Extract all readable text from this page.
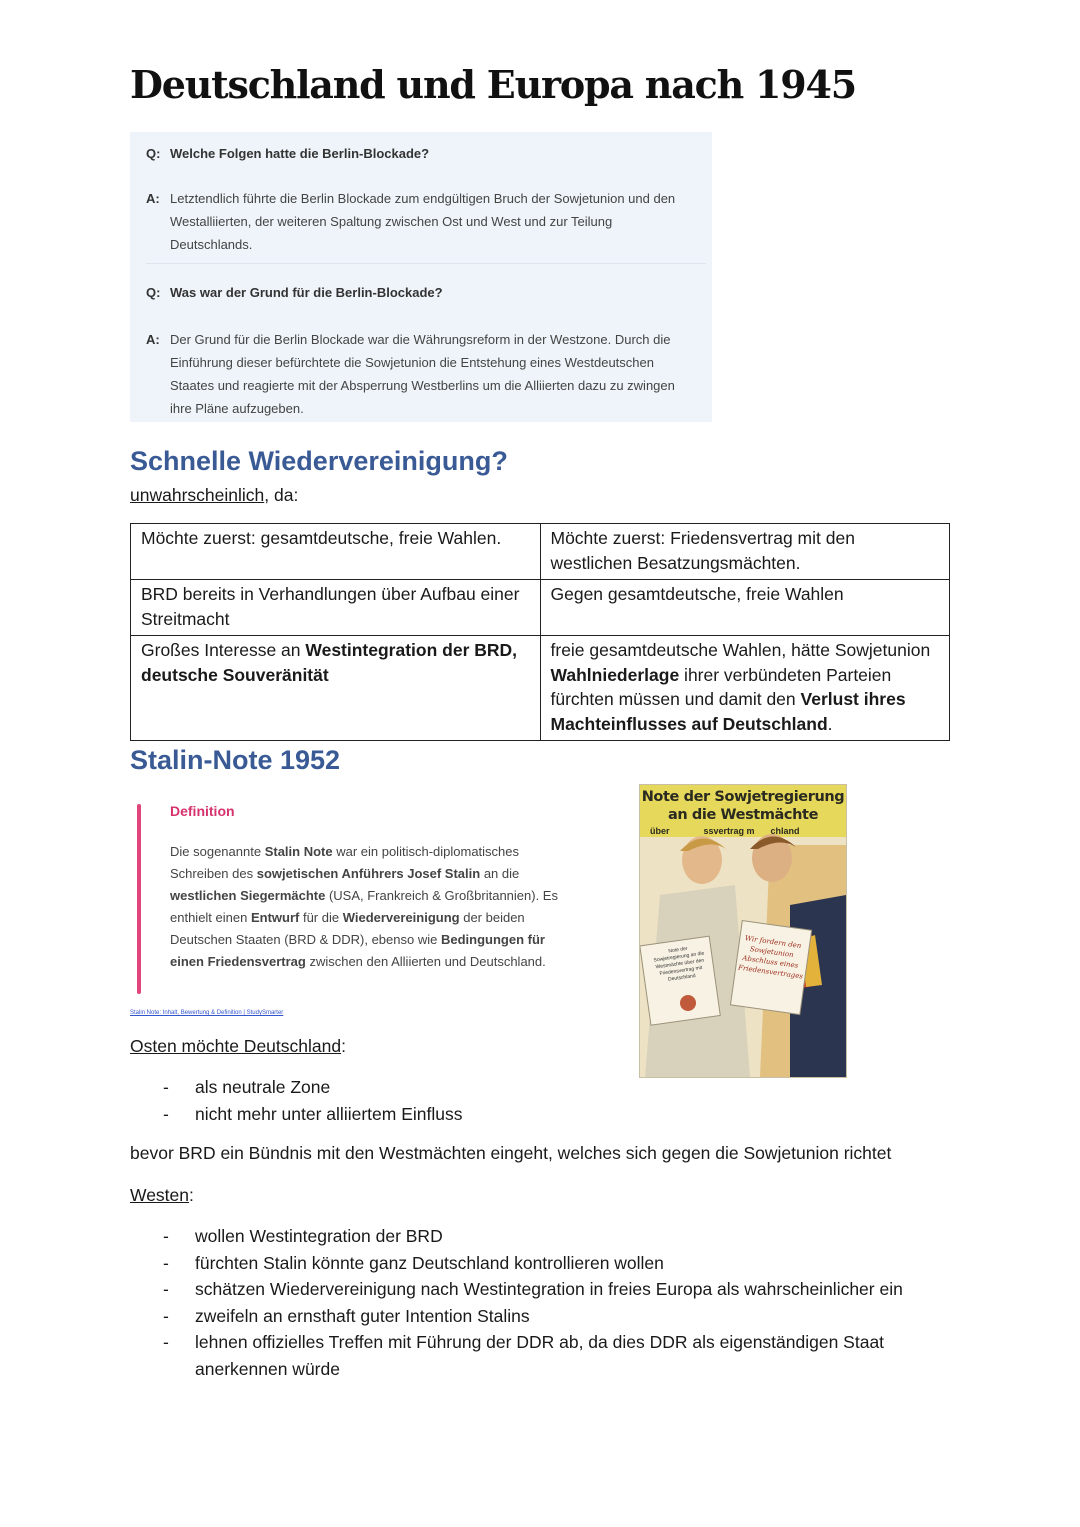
Deutschland und Europa nach 1945
Q: Welche Folgen hatte die Berlin-Blockade?
A: Letztendlich führte die Berlin Blockade zum endgültigen Bruch der Sowjetunion und den
Westalliierten, der weiteren Spaltung zwischen Ost und West und zur Teilung
Deutschlands.
Q: Was war der Grund für die Berlin-Blockade?
A: Der Grund für die Berlin Blockade war die Währungsreform in der Westzone. Durch die
Einführung dieser befürchtete die Sowjetunion die Entstehung eines Westdeutschen
Staates und reagierte mit der Absperrung Westberlins um die Alliierten dazu zu zwingen
ihre Pläne aufzugeben.
Schnelle Wiedervereinigung?
unwahrscheinlich, da:
Möchte zuerst: gesamtdeutsche, freie Wahlen.	Möchte zuerst: Friedensvertrag mit den westlichen Besatzungsmächten.
BRD bereits in Verhandlungen über Aufbau einer Streitmacht	Gegen gesamtdeutsche, freie Wahlen
Großes Interesse an Westintegration der BRD, deutsche Souveränität	freie gesamtdeutsche Wahlen, hätte Sowjetunion Wahlniederlage ihrer verbündeten Parteien fürchten müssen und damit den Verlust ihres Machteinflusses auf Deutschland.
Stalin-Note 1952
Definition
Die sogenannte Stalin Note war ein politisch-diplomatisches Schreiben des sowjetischen Anführers Josef Stalin an die westlichen Siegermächte (USA, Frankreich & Großbritannien). Es enthielt einen Entwurf für die Wiedervereinigung der beiden Deutschen Staaten (BRD & DDR), ebenso wie Bedingungen für einen Friedensvertrag zwischen den Alliierten und Deutschland.
Stalin Note: Inhalt, Bewertung & Definition | StudySmarter
Note der Sowjetregierung
an die Westmächte
über	ssvertrag m chland
Note der Sowjetregierung an die Westmächte über den Friedensvertrag mit Deutschland
Wir fordern den Sowjetunion Abschluss eines Friedensvertrages
Osten möchte Deutschland:
- als neutrale Zone
- nicht mehr unter alliiertem Einfluss
bevor BRD ein Bündnis mit den Westmächten eingeht, welches sich gegen die Sowjetunion richtet
Westen:
- wollen Westintegration der BRD
- fürchten Stalin könnte ganz Deutschland kontrollieren wollen
- schätzen Wiedervereinigung nach Westintegration in freies Europa als wahrscheinlicher ein
- zweifeln an ernsthaft guter Intention Stalins
- lehnen offizielles Treffen mit Führung der DDR ab, da dies DDR als eigenständigen Staat anerkennen würde
